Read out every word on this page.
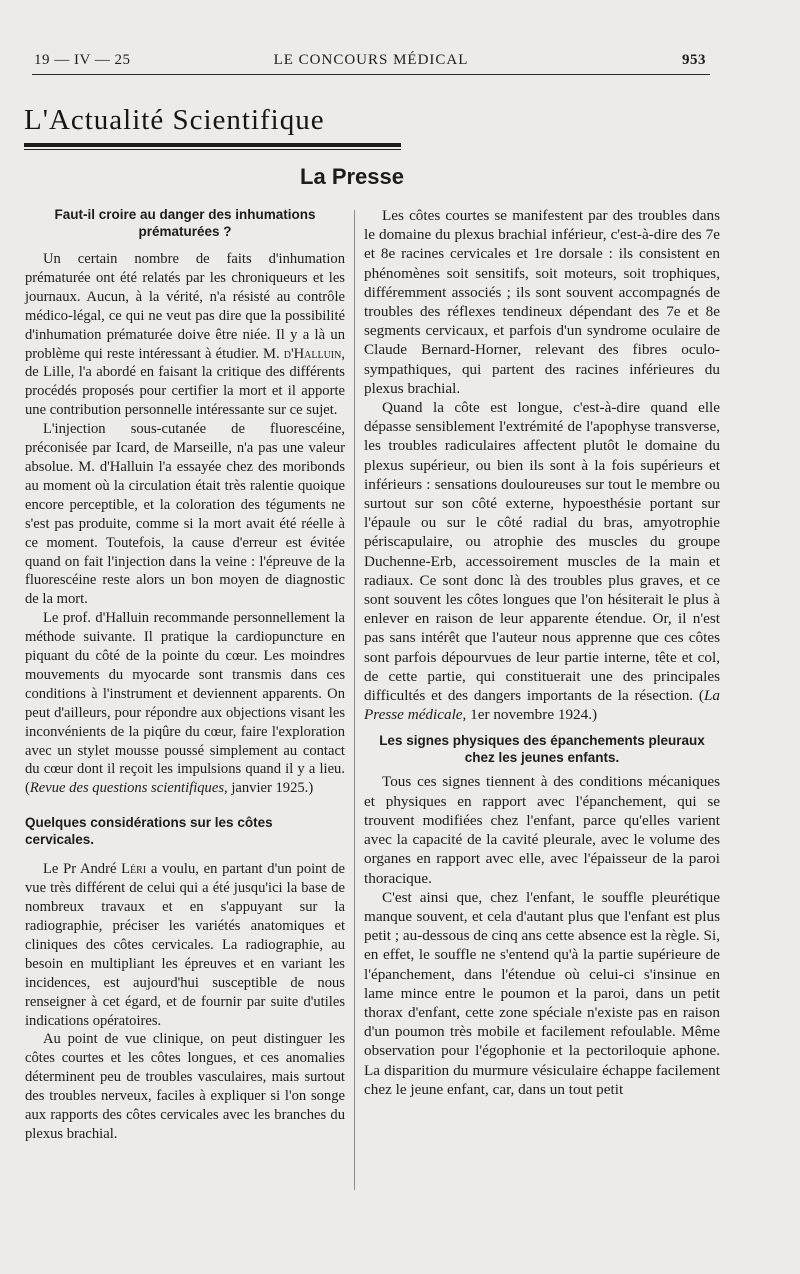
19 — IV — 25	LE CONCOURS MÉDICAL	953
L'Actualité Scientifique
La Presse
Faut-il croire au danger des inhumations prématurées ?

Un certain nombre de faits d'inhumation prématurée ont été relatés par les chroniqueurs et les journaux. Aucun, à la vérité, n'a résisté au contrôle médico-légal, ce qui ne veut pas dire que la possibilité d'inhumation prématurée doive être niée. Il y a là un problème qui reste intéressant à étudier. M. d'Halluin, de Lille, l'a abordé en faisant la critique des différents procédés proposés pour certifier la mort et il apporte une contribution personnelle intéressante sur ce sujet.

L'injection sous-cutanée de fluorescéine, préconisée par Icard, de Marseille, n'a pas une valeur absolue. M. d'Halluin l'a essayée chez des moribonds au moment où la circulation était très ralentie quoique encore perceptible, et la coloration des téguments ne s'est pas produite, comme si la mort avait été réelle à ce moment. Toutefois, la cause d'erreur est évitée quand on fait l'injection dans la veine : l'épreuve de la fluorescéine reste alors un bon moyen de diagnostic de la mort.

Le prof. d'Halluin recommande personnellement la méthode suivante. Il pratique la cardiopuncture en piquant du côté de la pointe du cœur. Les moindres mouvements du myocarde sont transmis dans ces conditions à l'instrument et deviennent apparents. On peut d'ailleurs, pour répondre aux objections visant les inconvénients de la piqûre du cœur, faire l'exploration avec un stylet mousse poussé simplement au contact du cœur dont il reçoit les impulsions quand il y a lieu. (Revue des questions scientifiques, janvier 1925.)

Quelques considérations sur les côtes cervicales.

Le Pr André Léri a voulu, en partant d'un point de vue très différent de celui qui a été jusqu'ici la base de nombreux travaux et en s'appuyant sur la radiographie, préciser les variétés anatomiques et cliniques des côtes cervicales. La radiographie, au besoin en multipliant les épreuves et en variant les incidences, est aujourd'hui susceptible de nous renseigner à cet égard, et de fournir par suite d'utiles indications opératoires.

Au point de vue clinique, on peut distinguer les côtes courtes et les côtes longues, et ces anomalies déterminent peu de troubles vasculaires, mais surtout des troubles nerveux, faciles à expliquer si l'on songe aux rapports des côtes cervicales avec les branches du plexus brachial.

Les côtes courtes se manifestent par des troubles dans le domaine du plexus brachial inférieur, c'est-à-dire des 7e et 8e racines cervicales et 1re dorsale : ils consistent en phénomènes soit sensitifs, soit moteurs, soit trophiques, différemment associés ; ils sont souvent accompagnés de troubles des réflexes tendineux dépendant des 7e et 8e segments cervicaux, et parfois d'un syndrome oculaire de Claude Bernard-Horner, relevant des fibres oculo-sympathiques, qui partent des racines inférieures du plexus brachial.

Quand la côte est longue, c'est-à-dire quand elle dépasse sensiblement l'extrémité de l'apophyse transverse, les troubles radiculaires affectent plutôt le domaine du plexus supérieur, ou bien ils sont à la fois supérieurs et inférieurs : sensations douloureuses sur tout le membre ou surtout sur son côté externe, hypoesthésie portant sur l'épaule ou sur le côté radial du bras, amyotrophie périscapulaire, ou atrophie des muscles du groupe Duchenne-Erb, accessoirement muscles de la main et radiaux. Ce sont donc là des troubles plus graves, et ce sont souvent les côtes longues que l'on hésiterait le plus à enlever en raison de leur apparente étendue. Or, il n'est pas sans intérêt que l'auteur nous apprenne que ces côtes sont parfois dépourvues de leur partie interne, tête et col, de cette partie, qui constituerait une des principales difficultés et des dangers importants de la résection. (La Presse médicale, 1er novembre 1924.)

Les signes physiques des épanchements pleuraux chez les jeunes enfants.

Tous ces signes tiennent à des conditions mécaniques et physiques en rapport avec l'épanchement, qui se trouvent modifiées chez l'enfant, parce qu'elles varient avec la capacité de la cavité pleurale, avec le volume des organes en rapport avec elle, avec l'épaisseur de la paroi thoracique.

C'est ainsi que, chez l'enfant, le souffle pleurétique manque souvent, et cela d'autant plus que l'enfant est plus petit ; au-dessous de cinq ans cette absence est la règle. Si, en effet, le souffle ne s'entend qu'à la partie supérieure de l'épanchement, dans l'étendue où celui-ci s'insinue en lame mince entre le poumon et la paroi, dans un petit thorax d'enfant, cette zone spéciale n'existe pas en raison d'un poumon très mobile et facilement refoulable. Même observation pour l'égophonie et la pectoriloquie aphone. La disparition du murmure vésiculaire échappe facilement chez le jeune enfant, car, dans un tout petit
